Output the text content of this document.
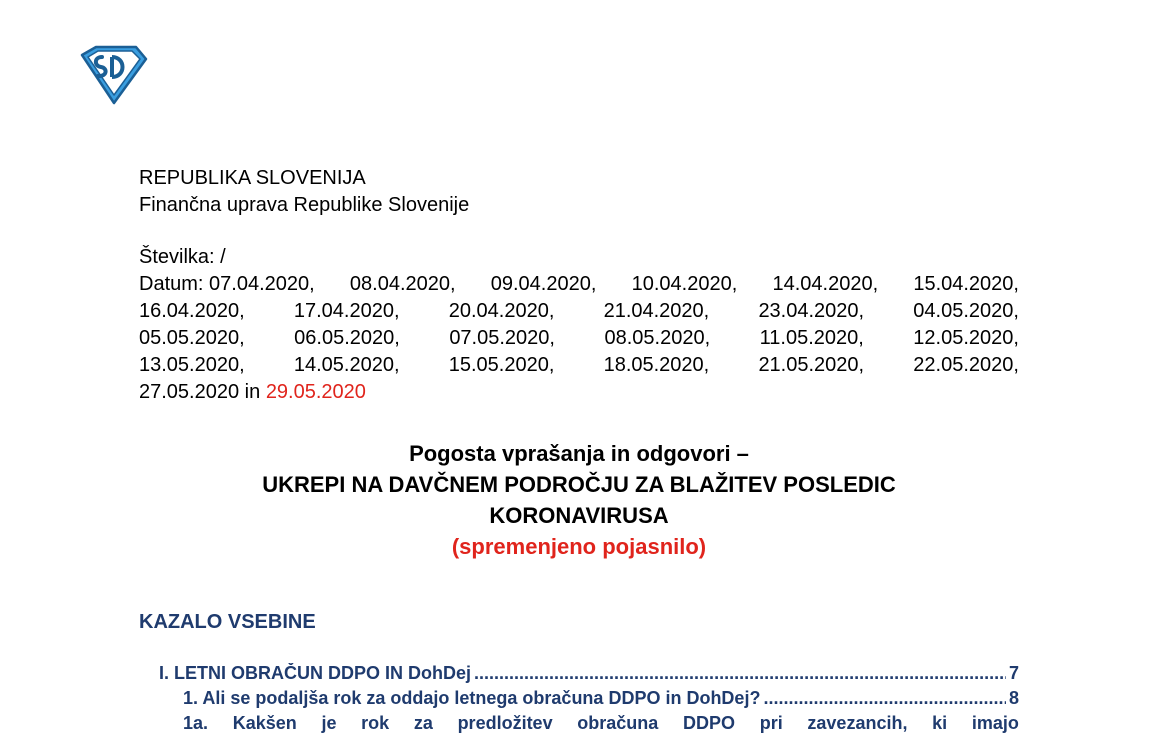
REPUBLIKA SLOVENIJA
Finančna uprava Republike Slovenije
Številka: /
Datum: 07.04.2020, 08.04.2020, 09.04.2020, 10.04.2020, 14.04.2020, 15.04.2020,
16.04.2020, 17.04.2020, 20.04.2020, 21.04.2020, 23.04.2020, 04.05.2020,
05.05.2020, 06.05.2020, 07.05.2020, 08.05.2020, 11.05.2020, 12.05.2020,
13.05.2020, 14.05.2020, 15.05.2020, 18.05.2020, 21.05.2020, 22.05.2020,
27.05.2020
in
29.05.2020
Pogosta vprašanja in odgovori –
UKREPI NA DAVČNEM PODROČJU ZA BLAŽITEV POSLEDIC
KORONAVIRUSA
(spremenjeno pojasnilo)
KAZALO VSEBINE
I. LETNI OBRAČUN DDPO IN DohDej .....	7
1. Ali se podaljša rok za oddajo letnega obračuna DDPO in DohDej? .....	8
1a. Kakšen je rok za predložitev obračuna DDPO pri zavezancih, ki imajo
